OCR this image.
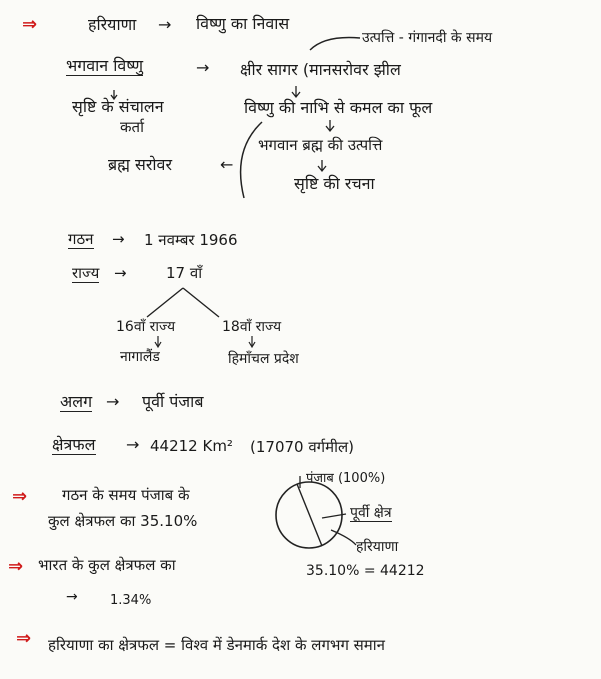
⇒	हरियाणा → विष्णु का निवास
उत्पत्ति - गंगानदी के समय
भगवान विष्णु	→ क्षीर सागर (मानसरोवर झील
सृष्टि के संचालन
कर्ता
विष्णु की नाभि से कमल का फूल
ब्रह्म सरोवर	←
भगवान ब्रह्म की उत्पत्ति
सृष्टि की रचना
गठन → 1 नवम्बर 1966
राज्य →	17 वाँ
16वाँ राज्य
नागालैंड
18वाँ राज्य
हिमाँचल प्रदेश
अलग → पूर्वी पंजाब
क्षेत्रफल → 44212 Km² (17070 वर्गमील)
⇒ गठन के समय पंजाब के
कुल क्षेत्रफल का 35.10%
पंजाब (100%)
पूर्वी क्षेत्र
हरियाणा
35.10% = 44212
⇒ भारत के कुल क्षेत्रफल का
→ 1.34%
⇒ हरियाणा का क्षेत्रफल = विश्व में डेनमार्क देश के लगभग समान
